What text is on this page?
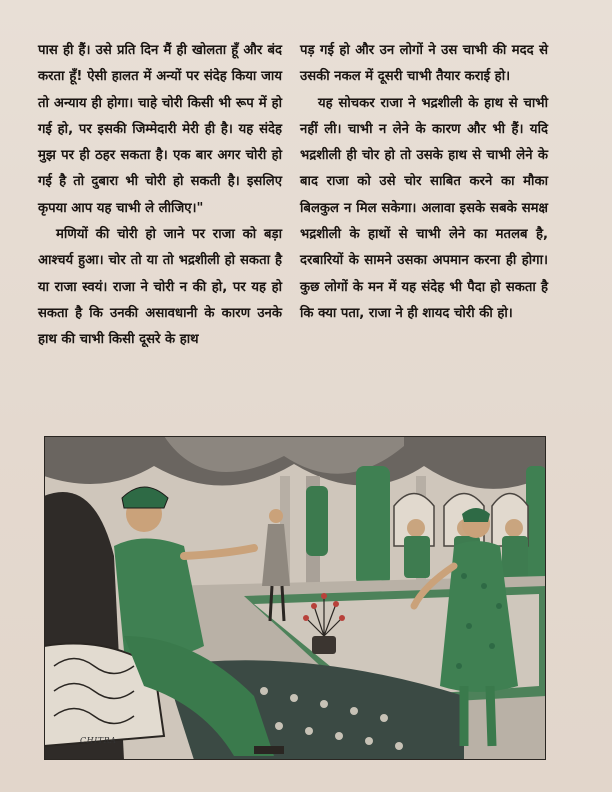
पास ही हैं। उसे प्रति दिन मैं ही खोलता हूँ और बंद करता हूँ! ऐसी हालत में अन्यों पर संदेह किया जाय तो अन्याय ही होगा। चाहे चोरी किसी भी रूप में हो गई हो, पर इसकी जिम्मेदारी मेरी ही है। यह संदेह मुझ पर ही ठहर सकता है। एक बार अगर चोरी हो गई है तो दुबारा भी चोरी हो सकती है। इसलिए कृपया आप यह चाभी ले लीजिए।"

मणियों की चोरी हो जाने पर राजा को बड़ा आश्चर्य हुआ। चोर तो या तो भद्रशीली हो सकता है या राजा स्वयं। राजा ने चोरी न की हो, पर यह हो सकता है कि उनकी असावधानी के कारण उनके हाथ की चाभी किसी दूसरे के हाथ

पड़ गई हो और उन लोगों ने उस चाभी की मदद से उसकी नकल में दूसरी चाभी तैयार कराई हो।

यह सोचकर राजा ने भद्रशीली के हाथ से चाभी नहीं ली। चाभी न लेने के कारण और भी हैं। यदि भद्रशीली ही चोर हो तो उसके हाथ से चाभी लेने के बाद राजा को उसे चोर साबित करने का मौका बिलकुल न मिल सकेगा। अलावा इसके सबके समक्ष भद्रशीली के हाथों से चाभी लेने का मतलब है, दरबारियों के सामने उसका अपमान करना ही होगा। कुछ लोगों के मन में यह संदेह भी पैदा हो सकता है कि क्या पता, राजा ने ही शायद चोरी की हो।

CHITRA
